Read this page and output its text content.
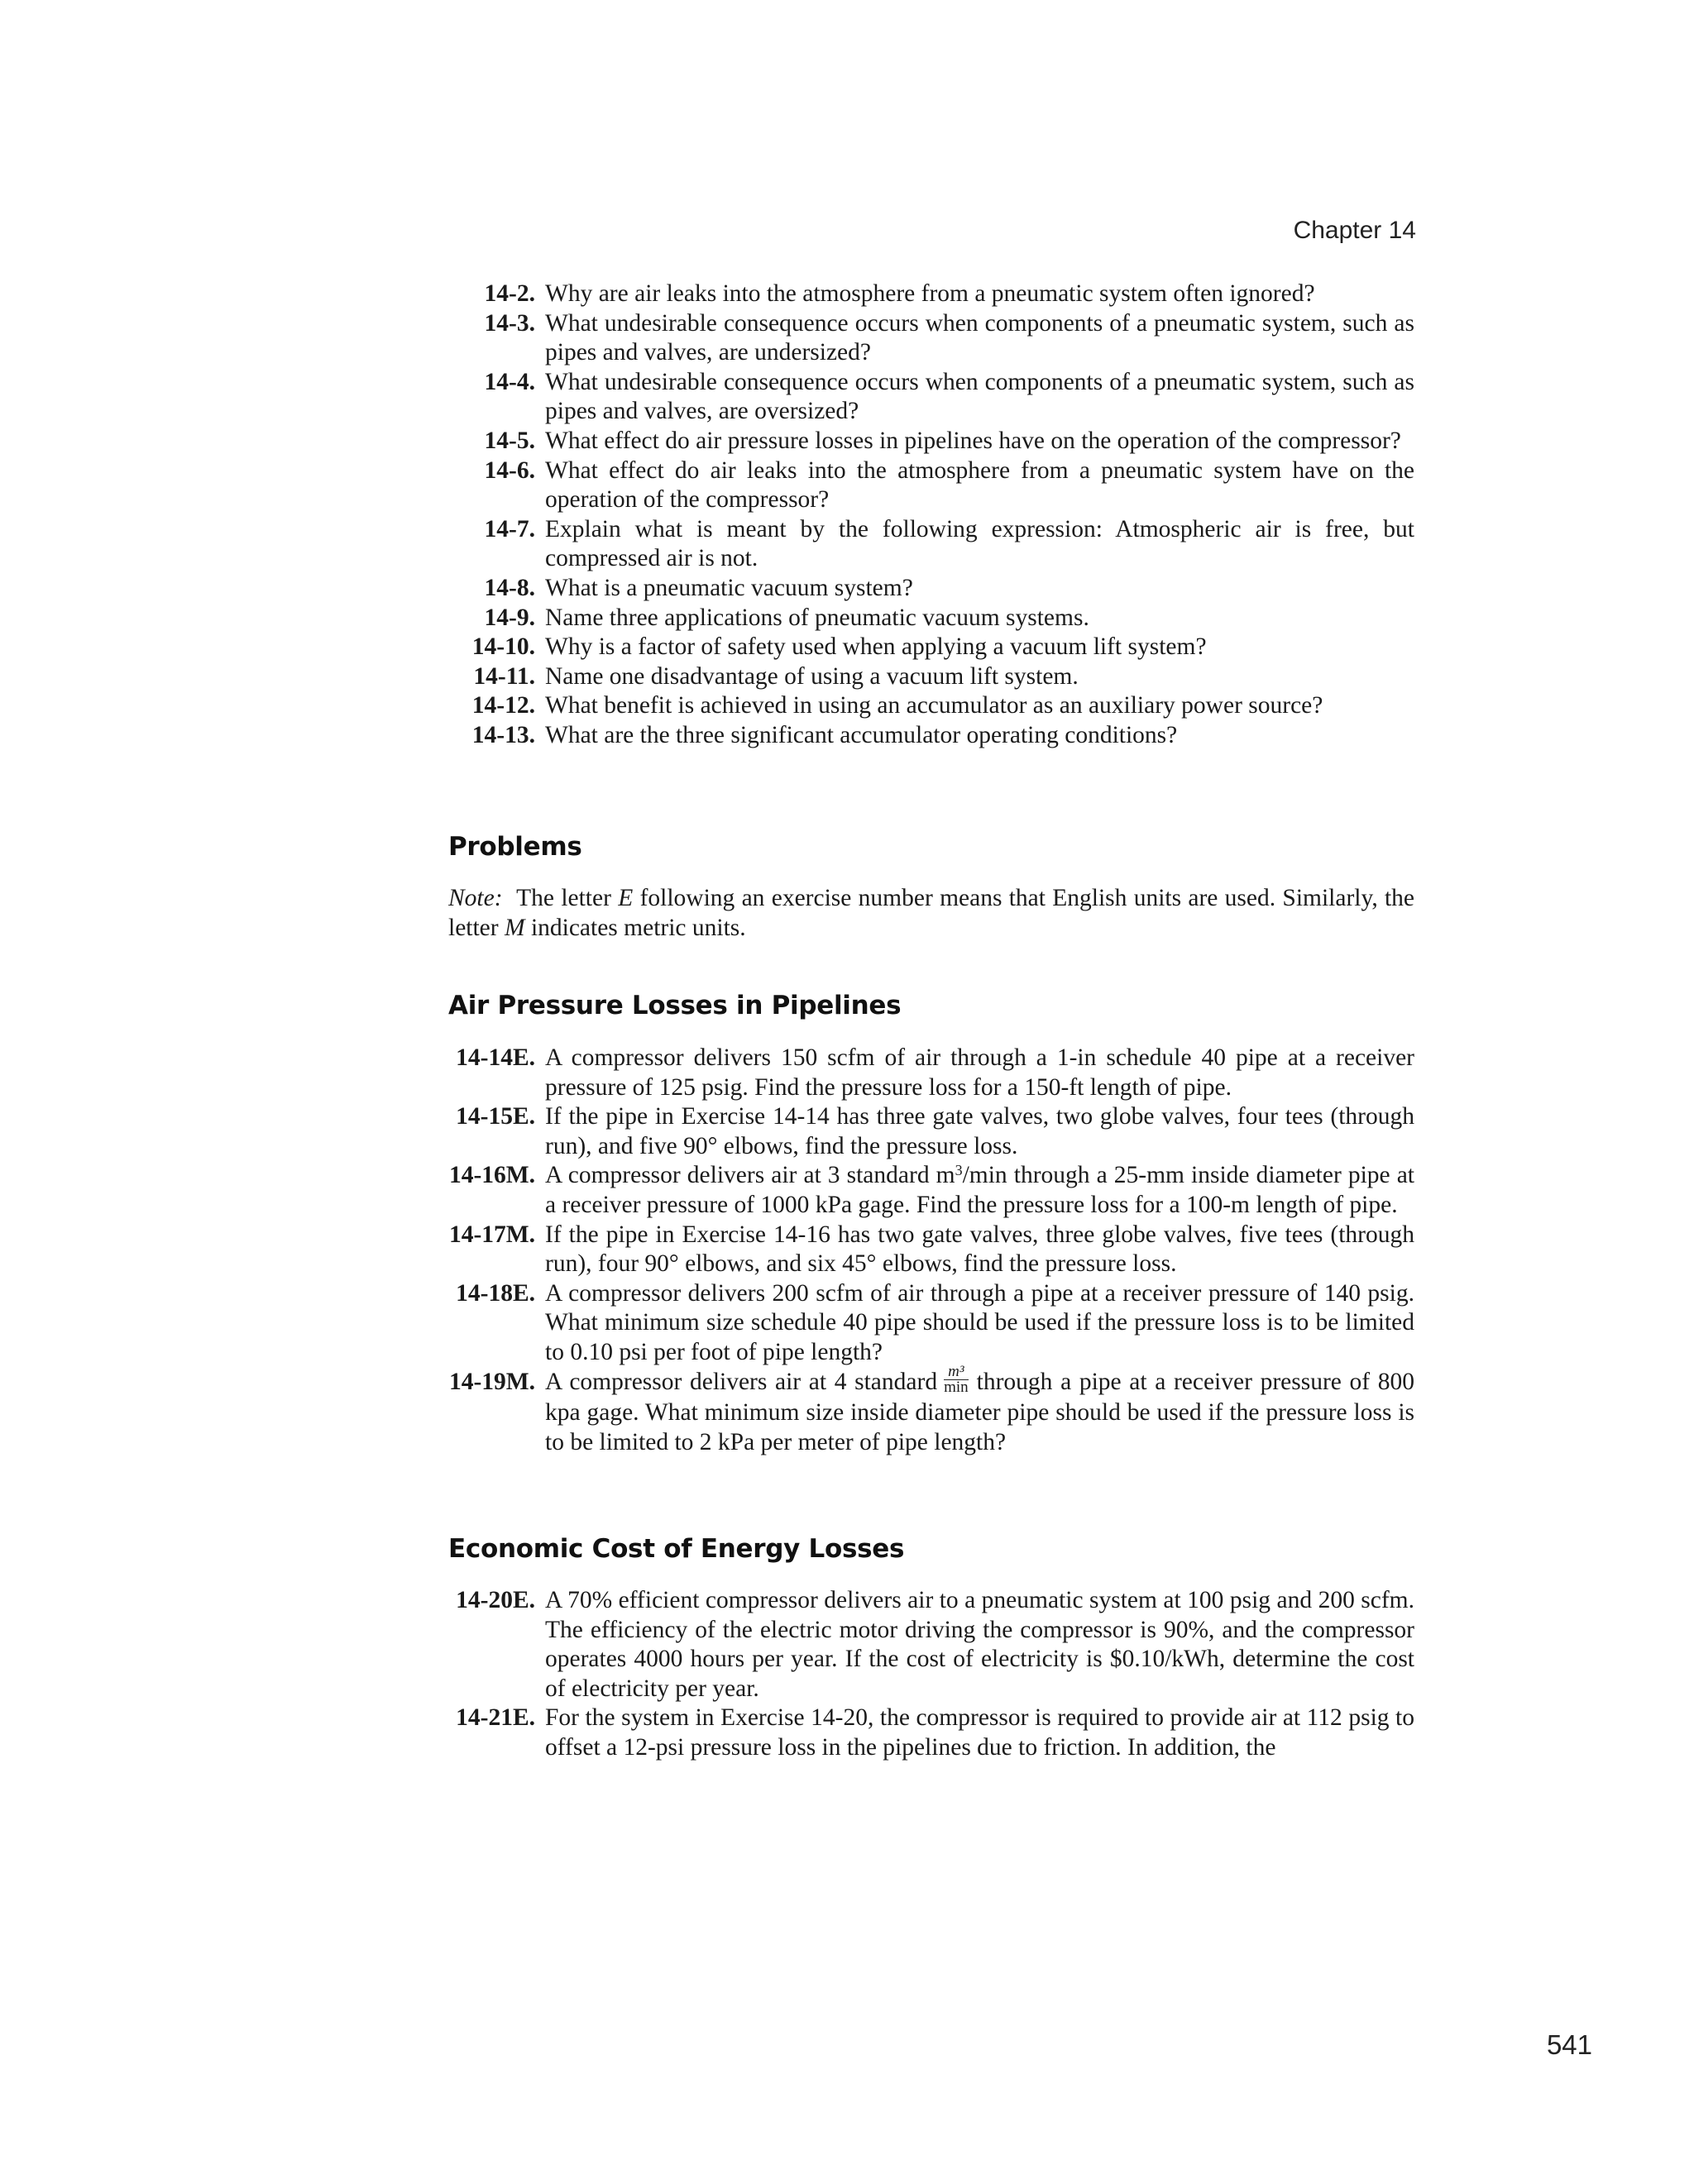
Chapter 14
14-2. Why are air leaks into the atmosphere from a pneumatic system often ignored?
14-3. What undesirable consequence occurs when components of a pneumatic system, such as pipes and valves, are undersized?
14-4. What undesirable consequence occurs when components of a pneumatic system, such as pipes and valves, are oversized?
14-5. What effect do air pressure losses in pipelines have on the operation of the compressor?
14-6. What effect do air leaks into the atmosphere from a pneumatic system have on the operation of the compressor?
14-7. Explain what is meant by the following expression: Atmospheric air is free, but compressed air is not.
14-8. What is a pneumatic vacuum system?
14-9. Name three applications of pneumatic vacuum systems.
14-10. Why is a factor of safety used when applying a vacuum lift system?
14-11. Name one disadvantage of using a vacuum lift system.
14-12. What benefit is achieved in using an accumulator as an auxiliary power source?
14-13. What are the three significant accumulator operating conditions?
Problems
Note: The letter E following an exercise number means that English units are used. Similarly, the letter M indicates metric units.
Air Pressure Losses in Pipelines
14-14E. A compressor delivers 150 scfm of air through a 1-in schedule 40 pipe at a receiver pressure of 125 psig. Find the pressure loss for a 150-ft length of pipe.
14-15E. If the pipe in Exercise 14-14 has three gate valves, two globe valves, four tees (through run), and five 90° elbows, find the pressure loss.
14-16M. A compressor delivers air at 3 standard $m^3/\min$ through a 25-mm inside diameter pipe at a receiver pressure of 1000 kPa gage. Find the pressure loss for a 100-m length of pipe.
14-17M. If the pipe in Exercise 14-16 has two gate valves, three globe valves, five tees (through run), four 90° elbows, and six 45° elbows, find the pressure loss.
14-18E. A compressor delivers 200 scfm of air through a pipe at a receiver pressure of 140 psig. What minimum size schedule 40 pipe should be used if the pressure loss is to be limited to 0.10 psi per foot of pipe length?
14-19M. A compressor delivers air at 4 standard $\frac{\text{m³}}{\min}$ through a pipe at a receiver pressure of 800 kpa gage. What minimum size inside diameter pipe should be used if the pressure loss is to be limited to 2 kPa per meter of pipe length?
Economic Cost of Energy Losses
14-20E. A 70% efficient compressor delivers air to a pneumatic system at 100 psig and 200 scfm. The efficiency of the electric motor driving the compressor is 90%, and the compressor operates 4000 hours per year. If the cost of electricity is $0.10/kWh, determine the cost of electricity per year.
14-21E. For the system in Exercise 14-20, the compressor is required to provide air at 112 psig to offset a 12-psi pressure loss in the pipelines due to friction. In addition, the
541
